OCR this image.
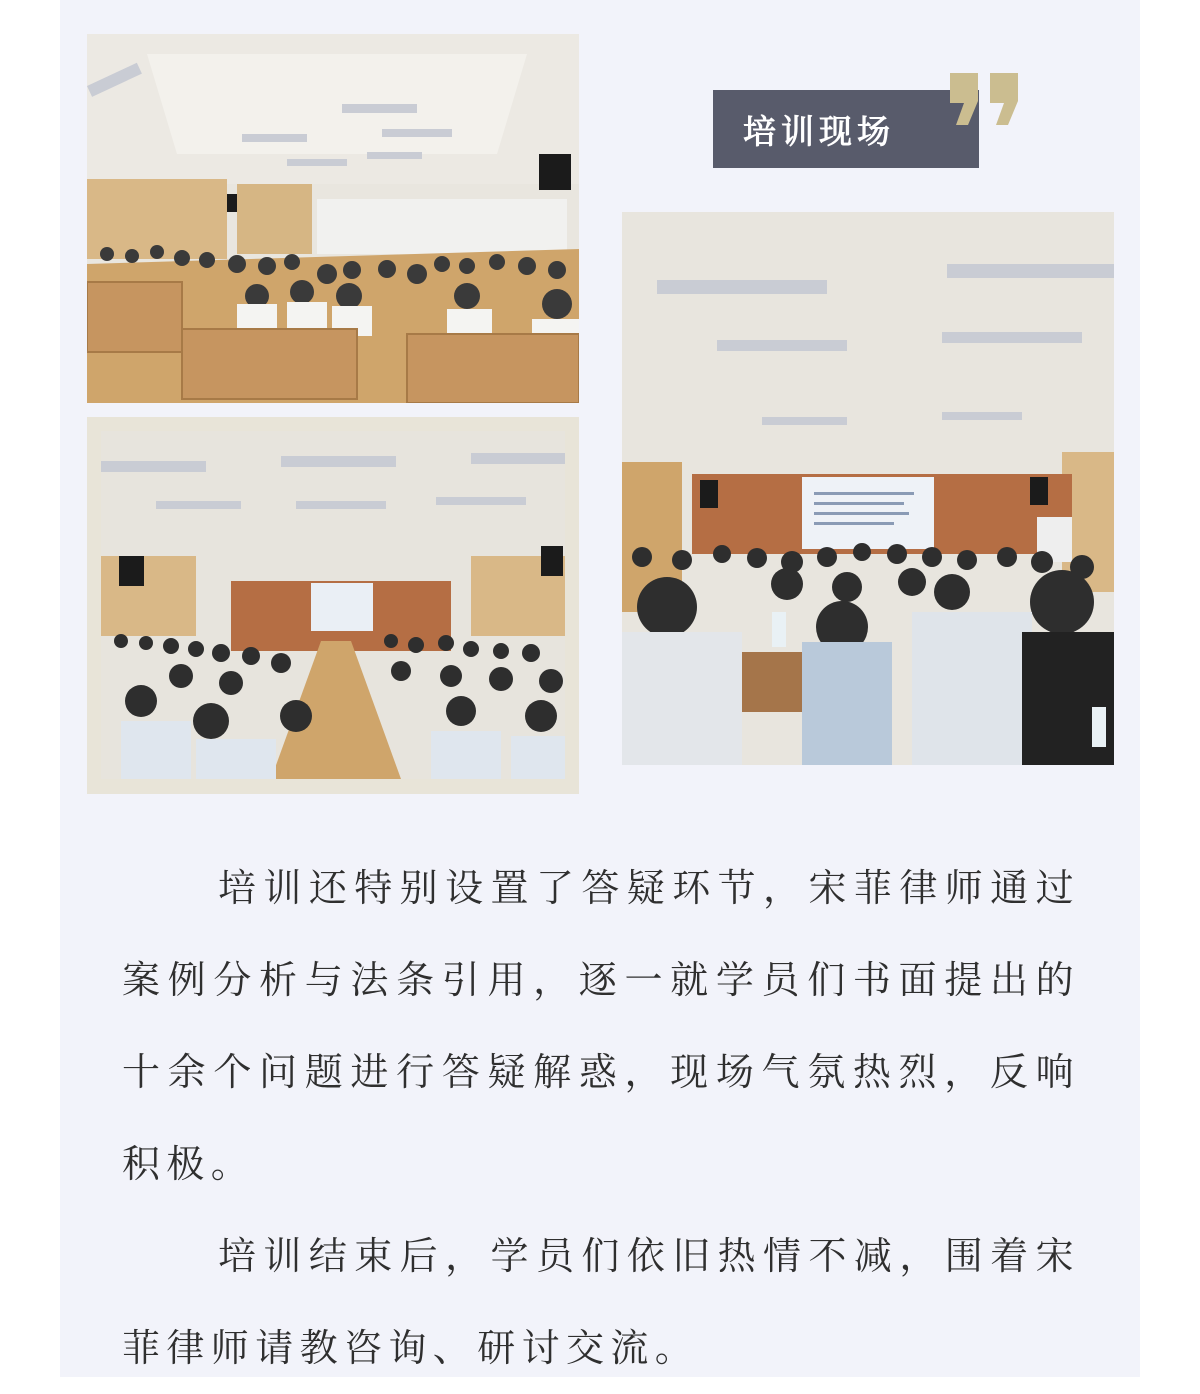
培训现场

培训还特别设置了答疑环节，宋菲律师通过案例分析与法条引用，逐一就学员们书面提出的十余个问题进行答疑解惑，现场气氛热烈，反响积极。

培训结束后，学员们依旧热情不减，围着宋菲律师请教咨询、研讨交流。
